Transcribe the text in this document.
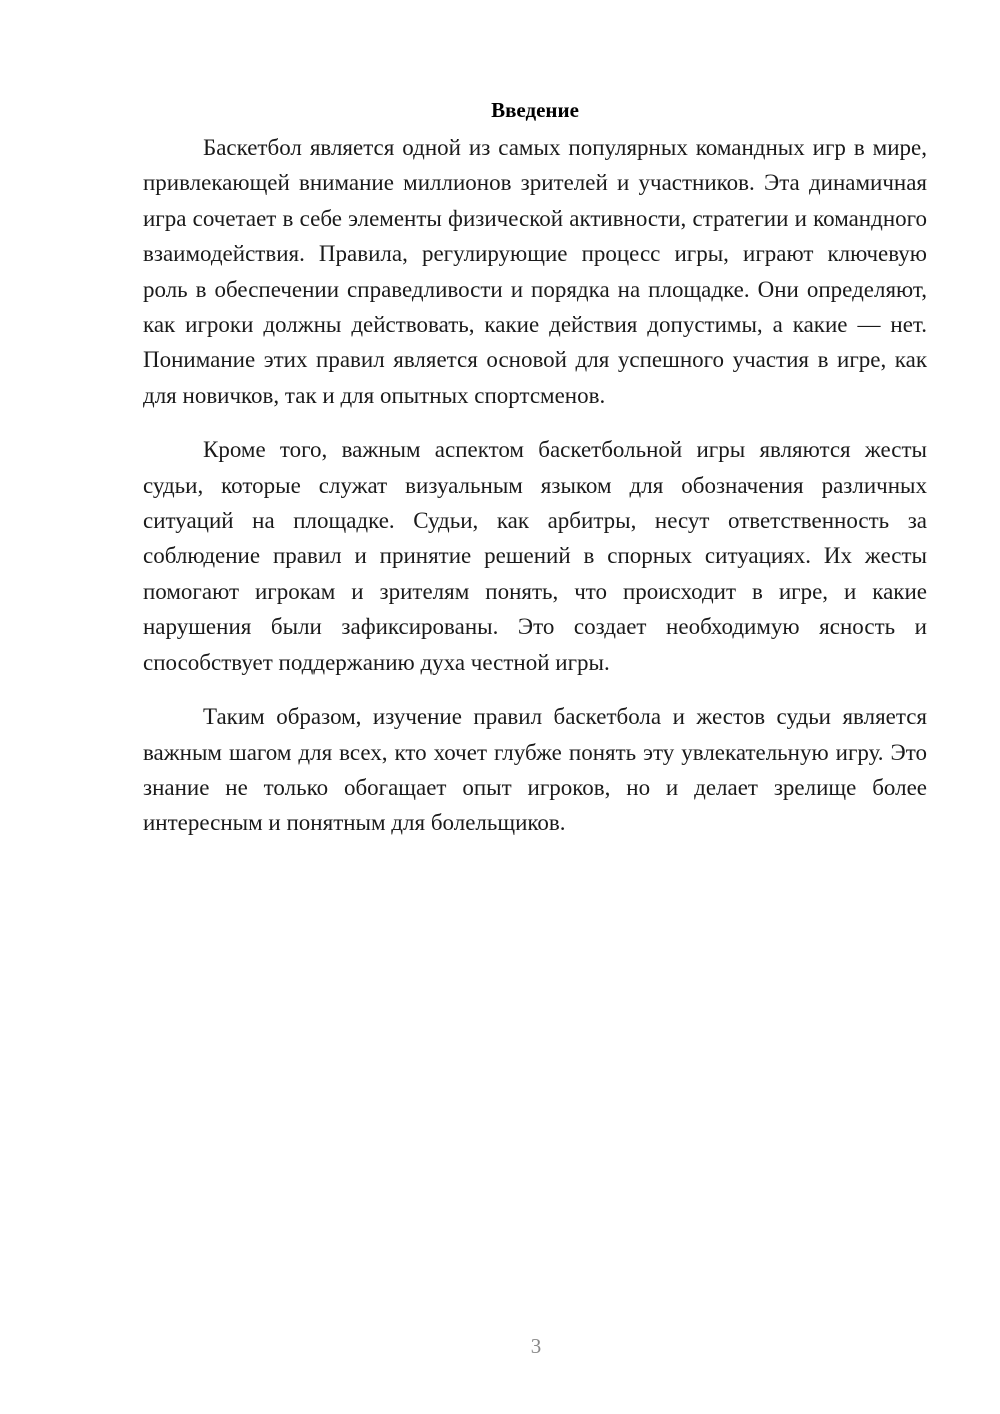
Введение

Баскетбол является одной из самых популярных командных игр в мире, привлекающей внимание миллионов зрителей и участников. Эта динамичная игра сочетает в себе элементы физической активности, стратегии и командного взаимодействия. Правила, регулирующие процесс игры, играют ключевую роль в обеспечении справедливости и порядка на площадке. Они определяют, как игроки должны действовать, какие действия допустимы, а какие — нет. Понимание этих правил является основой для успешного участия в игре, как для новичков, так и для опытных спортсменов.

Кроме того, важным аспектом баскетбольной игры являются жесты судьи, которые служат визуальным языком для обозначения различных ситуаций на площадке. Судьи, как арбитры, несут ответственность за соблюдение правил и принятие решений в спорных ситуациях. Их жесты помогают игрокам и зрителям понять, что происходит в игре, и какие нарушения были зафиксированы. Это создает необходимую ясность и способствует поддержанию духа честной игры.

Таким образом, изучение правил баскетбола и жестов судьи является важным шагом для всех, кто хочет глубже понять эту увлекательную игру. Это знание не только обогащает опыт игроков, но и делает зрелище более интересным и понятным для болельщиков.

3
